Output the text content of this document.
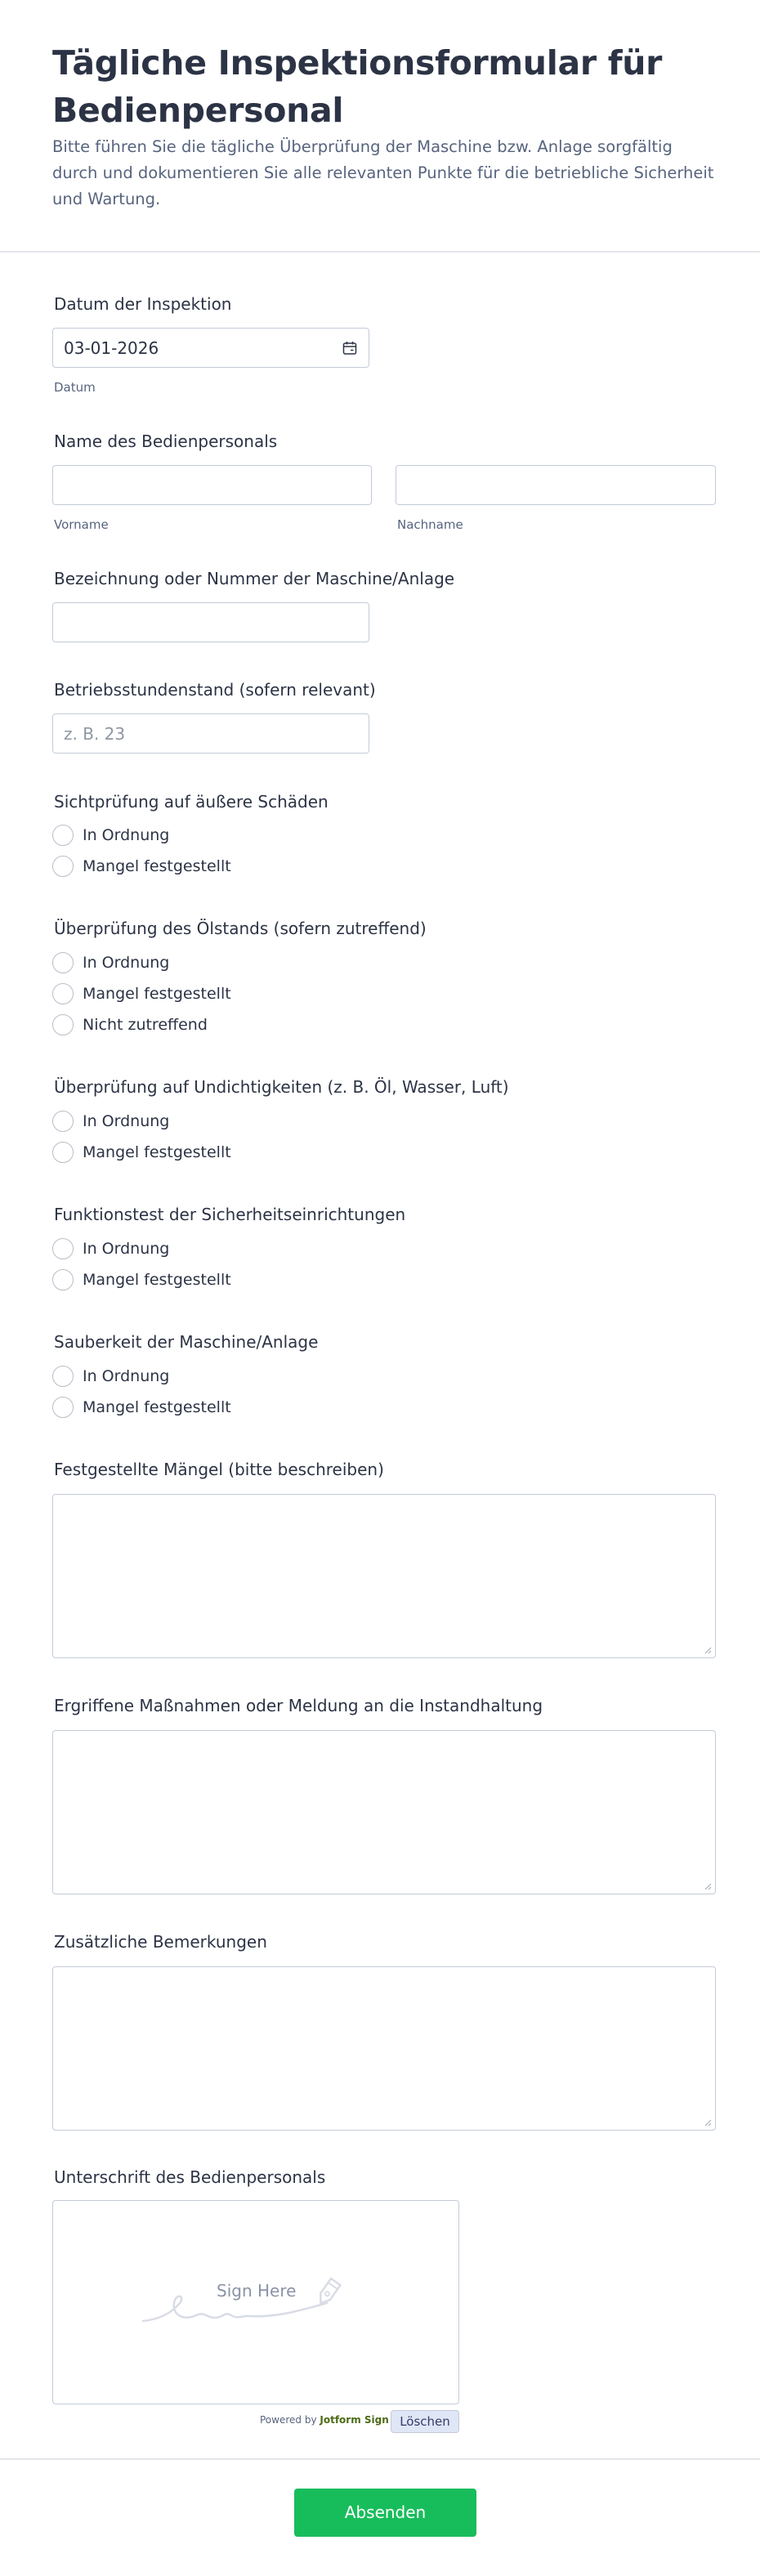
Tägliche Inspektionsformular für Bedienpersonal

Bitte führen Sie die tägliche Überprüfung der Maschine bzw. Anlage sorgfältig durch und dokumentieren Sie alle relevanten Punkte für die betriebliche Sicherheit und Wartung.

Datum der Inspektion
03-01-2026
Datum
Name des Bedienpersonals
Vorname	Nachname
Bezeichnung oder Nummer der Maschine/Anlage
Betriebsstundenstand (sofern relevant)
z. B. 23
Sichtprüfung auf äußere Schäden
In Ordnung
Mangel festgestellt
Überprüfung des Ölstands (sofern zutreffend)
In Ordnung
Mangel festgestellt
Nicht zutreffend
Überprüfung auf Undichtigkeiten (z. B. Öl, Wasser, Luft)
In Ordnung
Mangel festgestellt
Funktionstest der Sicherheitseinrichtungen
In Ordnung
Mangel festgestellt
Sauberkeit der Maschine/Anlage
In Ordnung
Mangel festgestellt
Festgestellte Mängel (bitte beschreiben)
Ergriffene Maßnahmen oder Meldung an die Instandhaltung
Zusätzliche Bemerkungen
Unterschrift des Bedienpersonals
Sign Here
Powered by Jotform Sign Löschen
Absenden
